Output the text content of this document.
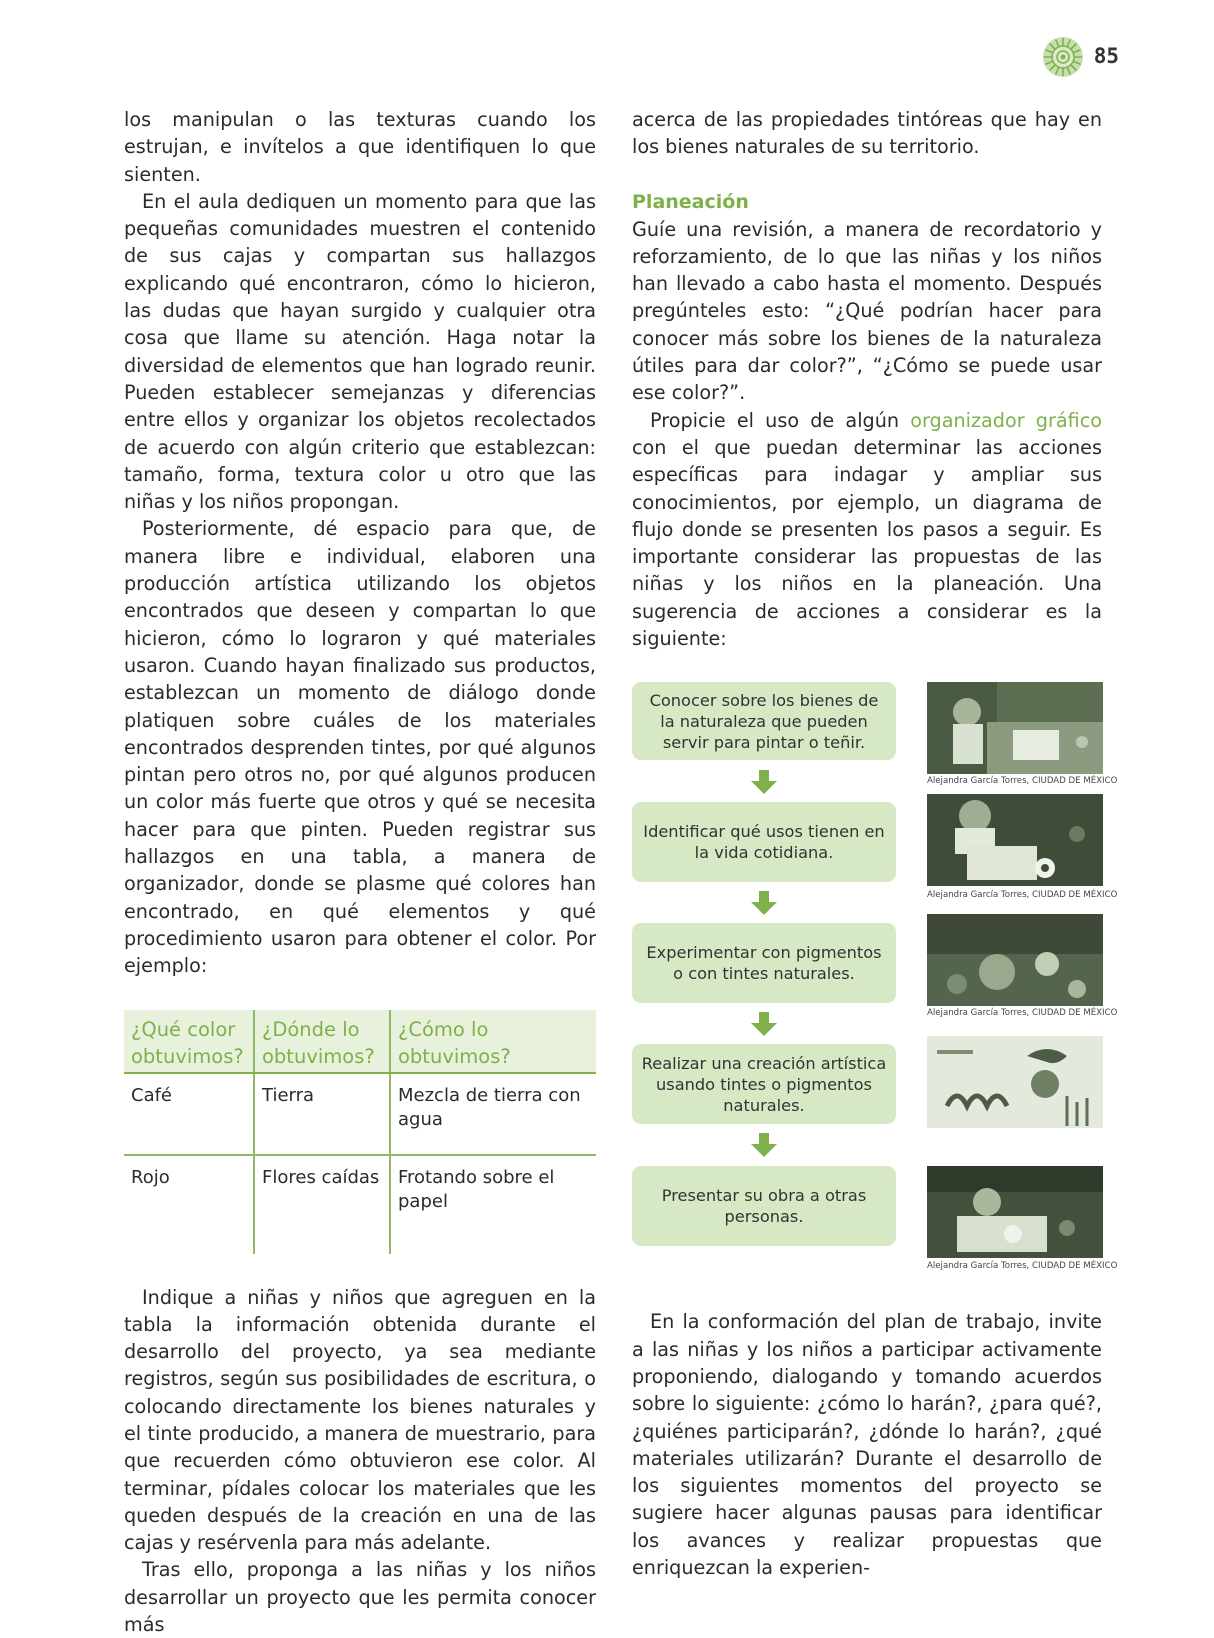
85

los manipulan o las texturas cuando los estrujan, e invítelos a que identifiquen lo que sienten.

En el aula dediquen un momento para que las pequeñas comunidades muestren el contenido de sus cajas y compartan sus hallazgos explicando qué encontraron, cómo lo hicieron, las dudas que hayan surgido y cualquier otra cosa que llame su atención. Haga notar la diversidad de elementos que han logrado reunir. Pueden establecer semejanzas y diferencias entre ellos y organizar los objetos recolectados de acuerdo con algún criterio que establezcan: tamaño, forma, textura color u otro que las niñas y los niños propongan.

Posteriormente, dé espacio para que, de manera libre e individual, elaboren una producción artística utilizando los objetos encontrados que deseen y compartan lo que hicieron, cómo lo lograron y qué materiales usaron. Cuando hayan finalizado sus productos, establezcan un momento de diálogo donde platiquen sobre cuáles de los materiales encontrados desprenden tintes, por qué algunos pintan pero otros no, por qué algunos producen un color más fuerte que otros y qué se necesita hacer para que pinten. Pueden registrar sus hallazgos en una tabla, a manera de organizador, donde se plasme qué colores han encontrado, en qué elementos y qué procedimiento usaron para obtener el color. Por ejemplo:

¿Qué color obtuvimos?	¿Dónde lo obtuvimos?	¿Cómo lo obtuvimos?
Café	Tierra	Mezcla de tierra con agua
Rojo	Flores caídas	Frotando sobre el papel

Indique a niñas y niños que agreguen en la tabla la información obtenida durante el desarrollo del proyecto, ya sea mediante registros, según sus posibilidades de escritura, o colocando directamente los bienes naturales y el tinte producido, a manera de muestrario, para que recuerden cómo obtuvieron ese color. Al terminar, pídales colocar los materiales que les queden después de la creación en una de las cajas y resérvenla para más adelante.

Tras ello, proponga a las niñas y los niños desarrollar un proyecto que les permita conocer más

acerca de las propiedades tintóreas que hay en los bienes naturales de su territorio.

Planeación

Guíe una revisión, a manera de recordatorio y reforzamiento, de lo que las niñas y los niños han llevado a cabo hasta el momento. Después pregúnteles esto: “¿Qué podrían hacer para conocer más sobre los bienes de la naturaleza útiles para dar color?”, “¿Cómo se puede usar ese color?”.

Propicie el uso de algún organizador gráfico con el que puedan determinar las acciones específicas para indagar y ampliar sus conocimientos, por ejemplo, un diagrama de flujo donde se presenten los pasos a seguir. Es importante considerar las propuestas de las niñas y los niños en la planeación. Una sugerencia de acciones a considerar es la siguiente:

Conocer sobre los bienes de la naturaleza que pueden servir para pintar o teñir.
Identificar qué usos tienen en la vida cotidiana.
Experimentar con pigmentos o con tintes naturales.
Realizar una creación artística usando tintes o pigmentos naturales.
Presentar su obra a otras personas.
Alejandra García Torres, CIUDAD DE MÉXICO
Alejandra García Torres, CIUDAD DE MÉXICO
Alejandra García Torres, CIUDAD DE MÉXICO
Alejandra García Torres, CIUDAD DE MÉXICO

En la conformación del plan de trabajo, invite a las niñas y los niños a participar activamente proponiendo, dialogando y tomando acuerdos sobre lo siguiente: ¿cómo lo harán?, ¿para qué?, ¿quiénes participarán?, ¿dónde lo harán?, ¿qué materiales utilizarán? Durante el desarrollo de los siguientes momentos del proyecto se sugiere hacer algunas pausas para identificar los avances y realizar propuestas que enriquezcan la experien-
